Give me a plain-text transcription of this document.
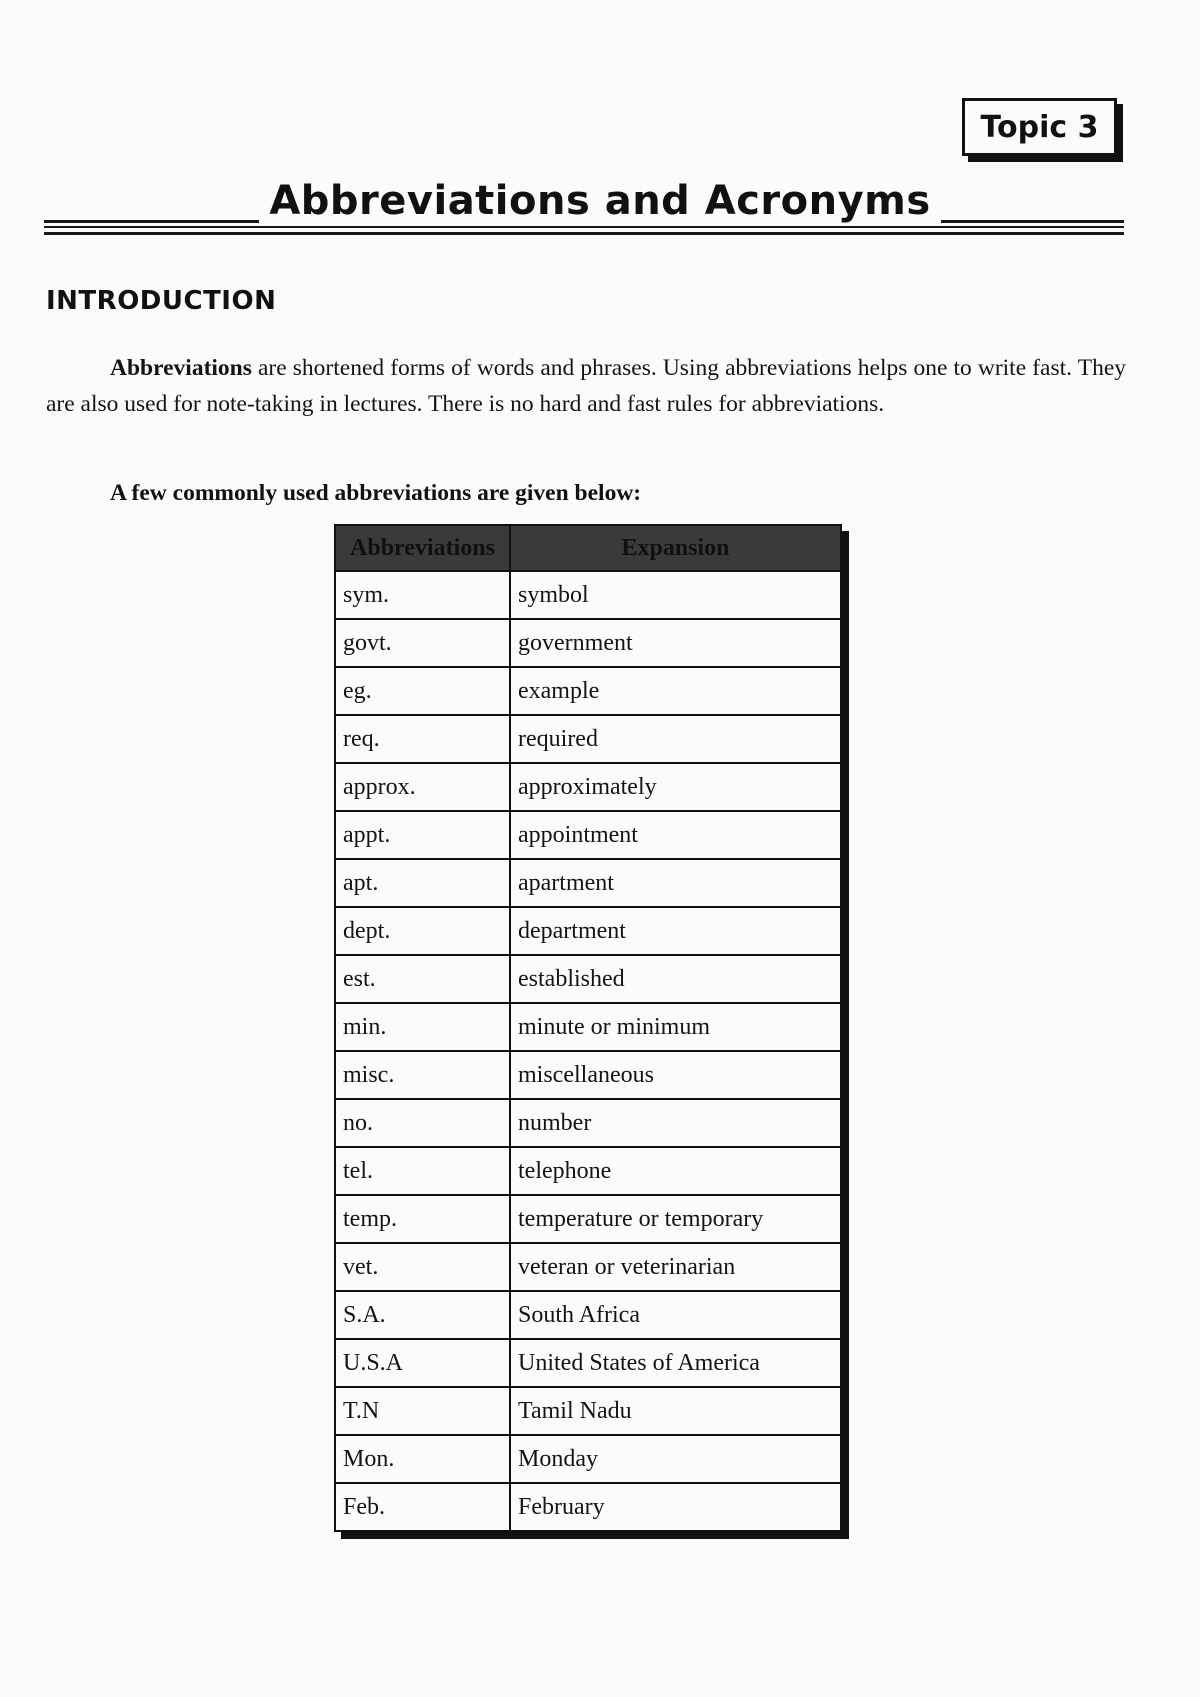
Topic 3
Abbreviations and Acronyms
INTRODUCTION

Abbreviations are shortened forms of words and phrases. Using abbreviations helps one to write fast. They are also used for note-taking in lectures. There is no hard and fast rules for abbreviations.

A few commonly used abbreviations are given below:
Abbreviations	Expansion
sym.	symbol
govt.	government
eg.	example
req.	required
approx.	approximately
appt.	appointment
apt.	apartment
dept.	department
est.	established
min.	minute or minimum
misc.	miscellaneous
no.	number
tel.	telephone
temp.	temperature or temporary
vet.	veteran or veterinarian
S.A.	South Africa
U.S.A	United States of America
T.N	Tamil Nadu
Mon.	Monday
Feb.	February
